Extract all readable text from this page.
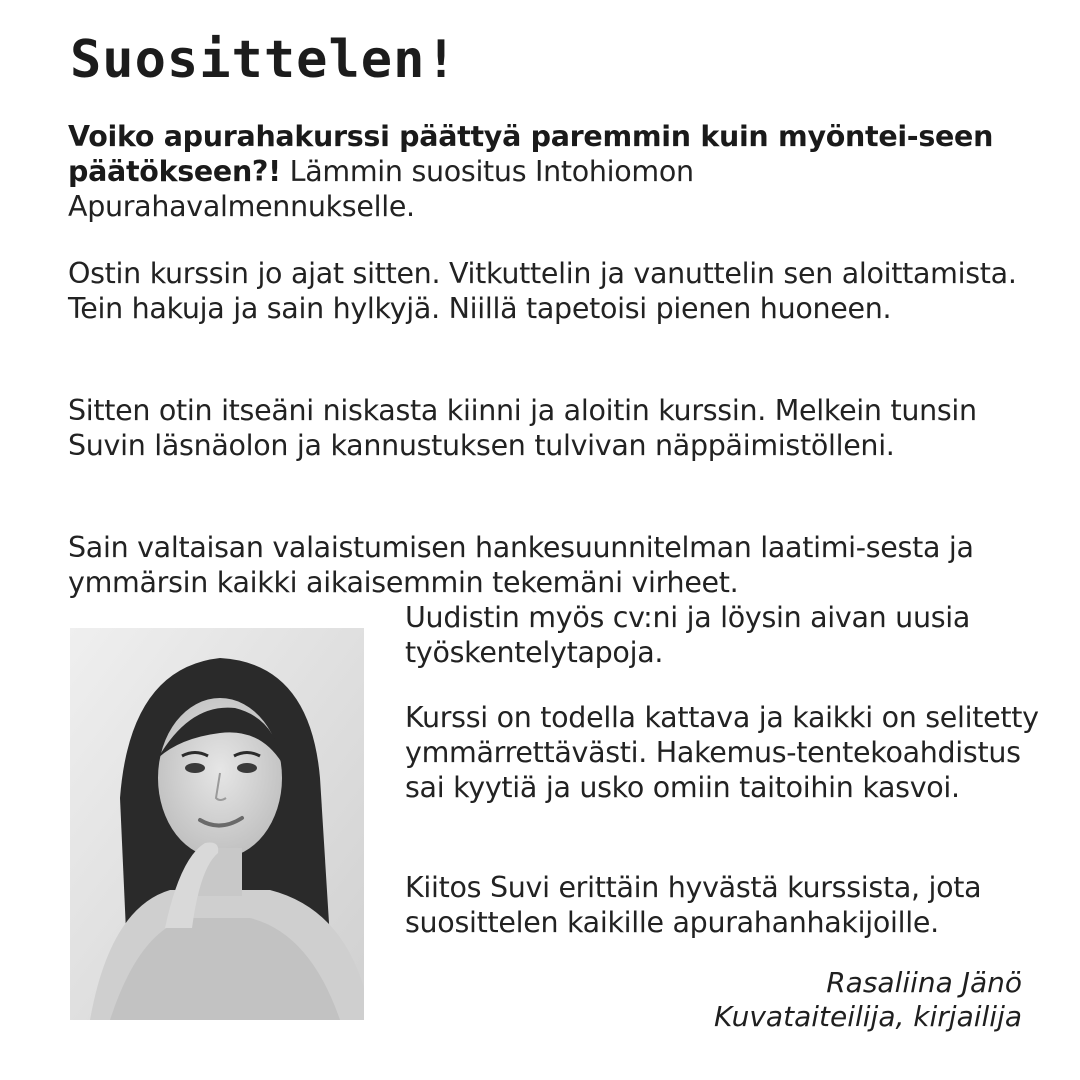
Suosittelen!

Voiko apurahakurssi päättyä paremmin kuin myöntei-seen päätökseen?! Lämmin suositus Intohiomon Apurahavalmennukselle.

Ostin kurssin jo ajat sitten. Vitkuttelin ja vanuttelin sen aloittamista. Tein hakuja ja sain hylkyjä. Niillä tapetoisi pienen huoneen.

Sitten otin itseäni niskasta kiinni ja aloitin kurssin. Melkein tunsin Suvin läsnäolon ja kannustuksen tulvivan näppäimistölleni.

Sain valtaisan valaistumisen hankesuunnitelman laatimi-sesta ja ymmärsin kaikki aikaisemmin tekemäni virheet.

Uudistin myös cv:ni ja löysin aivan uusia työskentelytapoja.

Kurssi on todella kattava ja kaikki on selitetty ymmärrettävästi. Hakemus-tentekoahdistus sai kyytiä ja usko omiin taitoihin kasvoi.

Kiitos Suvi erittäin hyvästä kurssista, jota suosittelen kaikille apurahanhakijoille.

Rasaliina Jänö
Kuvataiteilija, kirjailija
